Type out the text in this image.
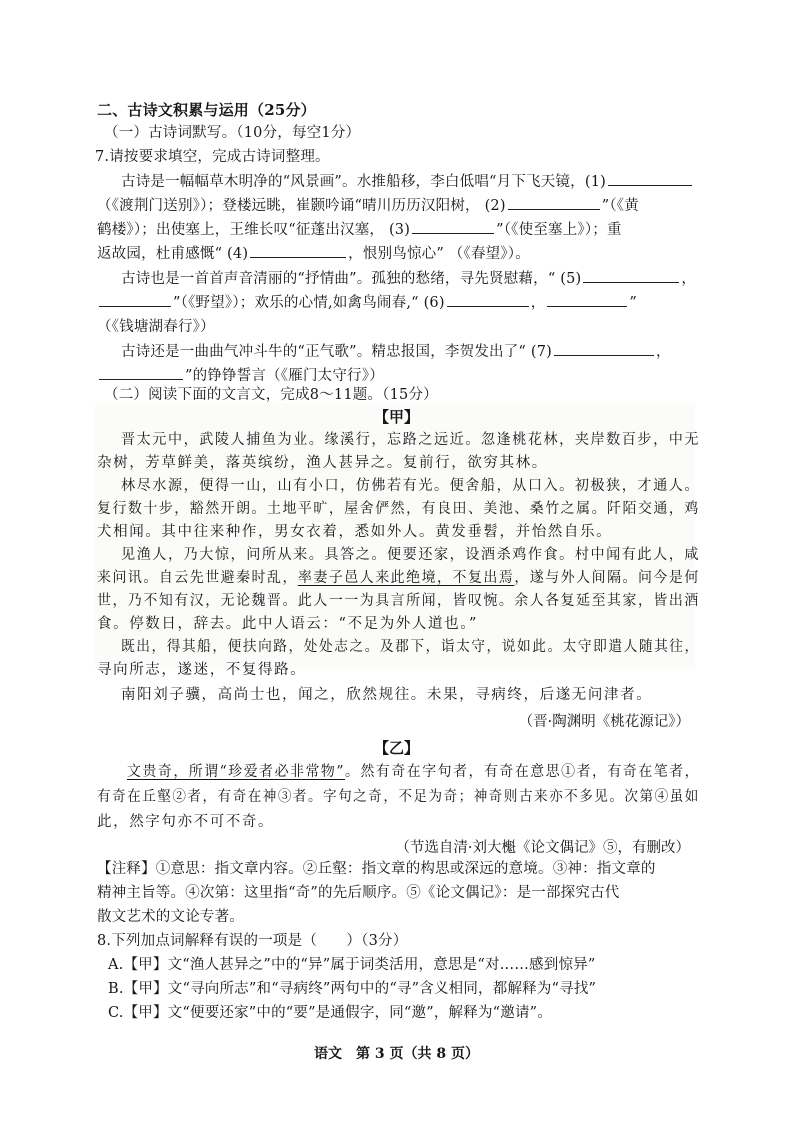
二、古诗文积累与运用（25分）
（一）古诗词默写。（10分，每空1分）
7.请按要求填空，完成古诗词整理。
古诗是一幅幅草木明净的“风景画”。水推船移，李白低唱“月下飞天镜，(1)
（《渡荆门送别》）；登楼远眺，崔颢吟诵“晴川历历汉阳树， (2)	”（《黄
鹤楼》）；出使塞上，王维长叹“征蓬出汉塞， (3)	”（《使至塞上》）；重
返故园，杜甫感慨“ (4)	，恨别鸟惊心” （《春望》）。
古诗也是一首首声音清丽的“抒情曲”。孤独的愁绪，寻先贤慰藉，“ (5)	，
”（《野望》）；欢乐的心情,如禽鸟闹春,“ (6)	，	”
（《钱塘湖春行》）
古诗还是一曲曲气冲斗牛的“正气歌”。精忠报国，李贺发出了“ (7)	，
”的铮铮誓言（《雁门太守行》）
（二）阅读下面的文言文，完成8～11题。（15分）
【甲】
晋太元中，武陵人捕鱼为业。缘溪行，忘路之远近。忽逢桃花林，夹岸数百步，中无
杂树，芳草鲜美，落英缤纷，渔人甚异之。复前行，欲穷其林。
林尽水源，便得一山，山有小口，仿佛若有光。便舍船，从口入。初极狭，才通人。
复行数十步，豁然开朗。土地平旷，屋舍俨然，有良田、美池、桑竹之属。阡陌交通，鸡
犬相闻。其中往来种作，男女衣着，悉如外人。黄发垂髫，并怡然自乐。
见渔人，乃大惊，问所从来。具答之。便要还家，设酒杀鸡作食。村中闻有此人，咸
来问讯。自云先世避秦时乱，率妻子邑人来此绝境，不复出焉，遂与外人间隔。问今是何
世，乃不知有汉，无论魏晋。此人一一为具言所闻，皆叹惋。余人各复延至其家，皆出酒
食。停数日，辞去。此中人语云：“不足为外人道也。”
既出，得其船，便扶向路，处处志之。及郡下，诣太守，说如此。太守即遣人随其往，
寻向所志，遂迷，不复得路。
南阳刘子骥，高尚士也，闻之，欣然规往。未果，寻病终，后遂无问津者。
（晋·陶渊明《桃花源记》）
【乙】
文贵奇，所谓“珍爱者必非常物”。然有奇在字句者，有奇在意思①者，有奇在笔者，
有奇在丘壑②者，有奇在神③者。字句之奇，不足为奇；神奇则古来亦不多见。次第④虽如
此，然字句亦不可不奇。
（节选自清·刘大櫆《论文偶记》⑤，有删改）
【注释】①意思：指文章内容。②丘壑：指文章的构思或深远的意境。③神：指文章的
精神主旨等。④次第：这里指“奇”的先后顺序。⑤《论文偶记》：是一部探究古代
散文艺术的文论专著。
8.下列加点词解释有误的一项是（　　）（3分）
A.【甲】文“渔人甚异之”中的“异”属于词类活用，意思是“对……感到惊异”
B.【甲】文“寻向所志”和“寻病终”两句中的“寻”含义相同，都解释为“寻找”
C.【甲】文“便要还家”中的“要”是通假字，同“邀”，解释为“邀请”。
语文　第 3 页（共 8 页）
